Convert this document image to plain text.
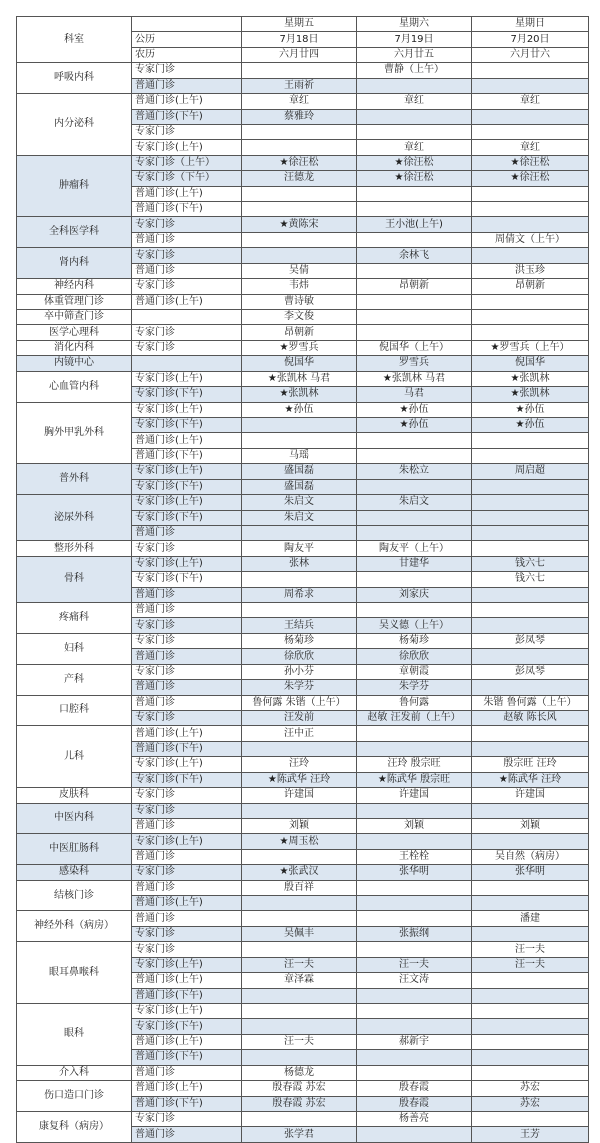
科室		星期五	星期六	星期日
	公历	7月18日	7月19日	7月20日
	农历	六月廿四	六月廿五	六月廿六
呼吸内科	专家门诊		曹静（上午）	
	普通门诊	王雨祈		
内分泌科	普通门诊(上午)	章红	章红	章红
	普通门诊(下午)	蔡雅玲		
	专家门诊			
	专家门诊(上午)		章红	章红
肿瘤科	专家门诊（上午）	★徐汪松	★徐汪松	★徐汪松
	专家门诊（下午）	汪德龙	★徐汪松	★徐汪松
	普通门诊(上午)			
	普通门诊(下午)			
全科医学科	专家门诊	★黄陈宋	王小池(上午)	
	普通门诊			周倩文（上午）
肾内科	专家门诊		余林飞	
	普通门诊	吴倩		洪玉珍
神经内科	专家门诊	韦炜	昂朝新	昂朝新
体重管理门诊	普通门诊(上午)	曹诗敏		
卒中筛查门诊		李文俊		
医学心理科	专家门诊	昂朝新		
消化内科	专家门诊	★罗雪兵	倪国华（上午）	★罗雪兵（上午）
内镜中心		倪国华	罗雪兵	倪国华
心血管内科	专家门诊(上午)	★张凯林 马君	★张凯林 马君	★张凯林
	专家门诊(下午)	★张凯林	马君	★张凯林
胸外甲乳外科	专家门诊(上午)	★孙伍	★孙伍	★孙伍
	专家门诊(下午)		★孙伍	★孙伍
	普通门诊(上午)			
	普通门诊(下午)	马瑶		
普外科	专家门诊(上午)	盛国磊	朱松立	周启超
	专家门诊(下午)	盛国磊		
泌尿外科	专家门诊(上午)	朱启文	朱启文	
	专家门诊(下午)	朱启文		
	普通门诊			
整形外科	专家门诊	陶友平	陶友平（上午）	
骨科	专家门诊(上午)	张林	甘建华	钱六七
	专家门诊(下午)			钱六七
	普通门诊	周希求	刘家庆	
疼痛科	普通门诊			
	专家门诊	王结兵	吴义德（上午）	
妇科	专家门诊	杨菊珍	杨菊珍	彭凤琴
	普通门诊	徐欣欣	徐欣欣	
产科	专家门诊	孙小芬	章朝霞	彭凤琴
	普通门诊	朱学芬	朱学芬	
口腔科	普通门诊	鲁何露 朱锴（上午）	鲁何露	朱锴 鲁何露（上午）
	专家门诊	汪发前	赵敏 汪发前（上午）	赵敏 陈长风
儿科	普通门诊(上午)	汪中正		
	普通门诊(下午)			
	专家门诊(上午)	汪玲	汪玲 殷宗旺	殷宗旺 汪玲
	专家门诊(下午)	★陈武华 汪玲	★陈武华 殷宗旺	★陈武华 汪玲
皮肤科	专家门诊	许建国	许建国	许建国
中医内科	专家门诊			
	普通门诊	刘颖	刘颖	刘颖
中医肛肠科	专家门诊(上午)	★周玉松		
	普通门诊		王栓栓	吴自然（病房）
感染科	专家门诊	★张武汉	张华明	张华明
结核门诊	普通门诊	殷百祥		
	普通门诊(上午)			
神经外科（病房）	普通门诊			潘建
	专家门诊	吴佩丰	张振纲	
眼耳鼻喉科	专家门诊			汪一夫
	专家门诊(上午)	汪一夫	汪一夫	汪一夫
	普通门诊(上午)	章泽霖	汪文涛	
	普通门诊(下午)			
眼科	专家门诊(上午)			
	专家门诊(下午)			
	普通门诊(上午)	汪一夫	郝新宇	
	普通门诊(下午)			
介入科	普通门诊	杨德龙		
伤口造口门诊	普通门诊(上午)	殷春霞 苏宏	殷春霞	苏宏
	普通门诊(下午)	殷春霞 苏宏	殷春霞	苏宏
康复科（病房）	专家门诊		杨善亮	
	普通门诊	张学君		王芳
